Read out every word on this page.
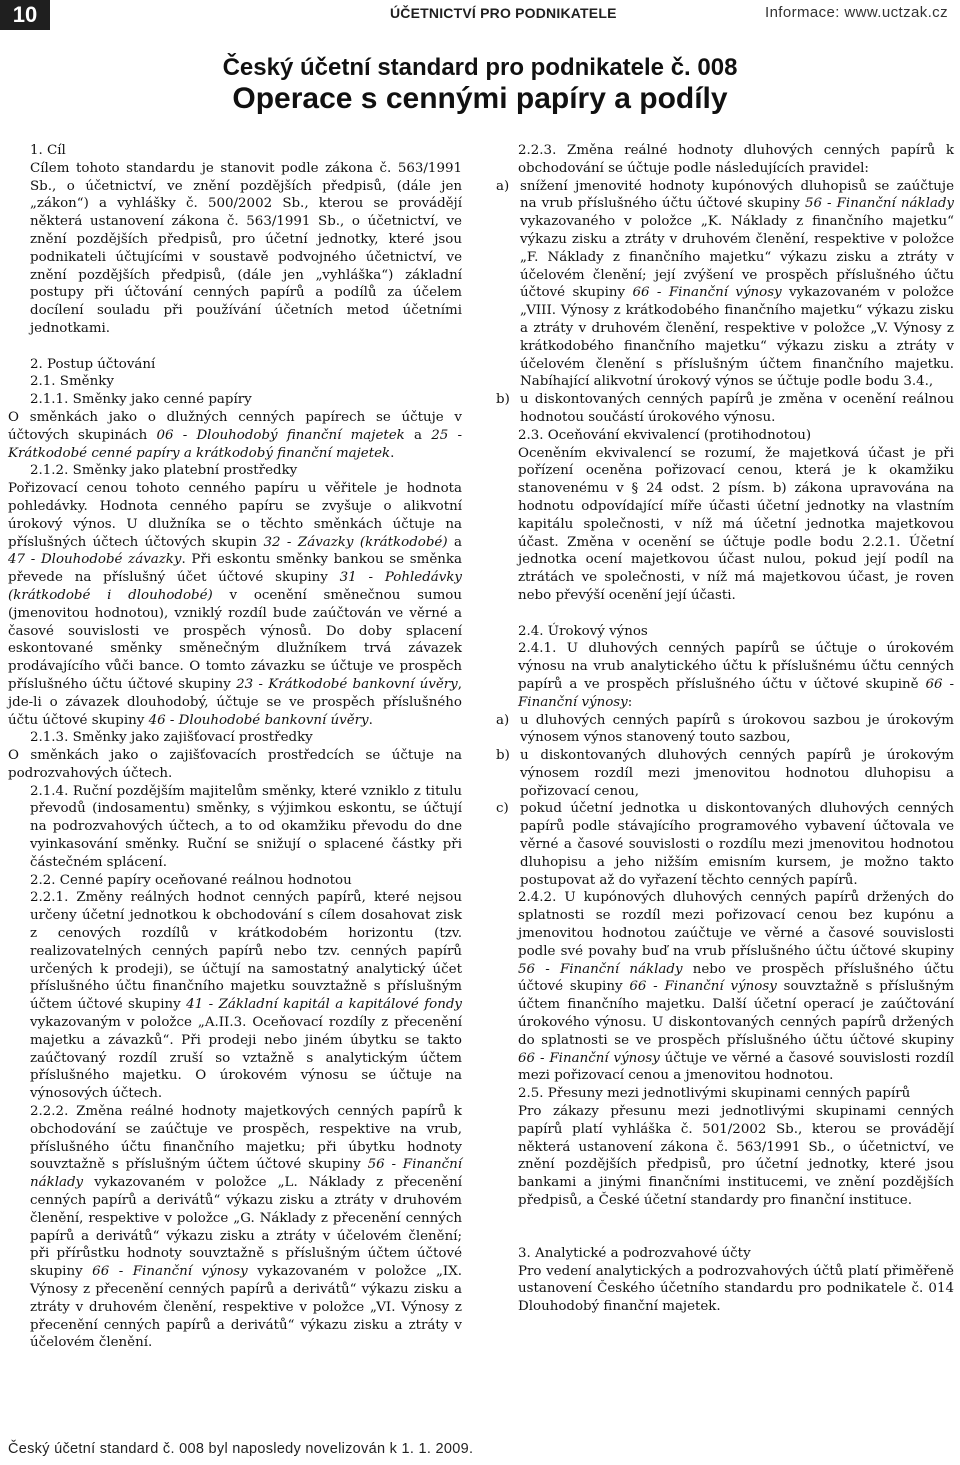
10	ÚČETNICTVÍ PRO PODNIKATELE	Informace: www.uctzak.cz
Český účetní standard pro podnikatele č. 008
Operace s cennými papíry a podíly

1. Cíl

Cílem tohoto standardu je stanovit podle zákona č. 563/1991 Sb., o účetnictví, ve znění pozdějších předpisů, (dále jen „zákon“) a vyhlášky č. 500/2002 Sb., kterou se provádějí některá ustanovení zákona č. 563/1991 Sb., o účetnictví, ve znění pozdějších předpisů, pro účetní jednotky, které jsou podnikateli účtujícími v soustavě podvojného účetnictví, ve znění pozdějších předpisů, (dále jen „vyhláška“) základní postupy při účtování cenných papírů a podílů za účelem docílení souladu při používání účetních metod účetními jednotkami.

2. Postup účtování

2.1. Směnky

2.1.1. Směnky jako cenné papíry

O směnkách jako o dlužných cenných papírech se účtuje v účtových skupinách 06 - Dlouhodobý finanční majetek a 25 - Krátkodobé cenné papíry a krátkodobý finanční majetek.

2.1.2. Směnky jako platební prostředky

Pořizovací cenou tohoto cenného papíru u věřitele je hodnota pohledávky. Hodnota cenného papíru se zvyšuje o alikvotní úrokový výnos. U dlužníka se o těchto směnkách účtuje na příslušných účtech účtových skupin 32 - Závazky (krátkodobé) a 47 - Dlouhodobé závazky. Při eskontu směnky bankou se směnka převede na příslušný účet účtové skupiny 31 - Pohledávky (krátkodobé i dlouhodobé) v ocenění směnečnou sumou (jmenovitou hodnotou), vzniklý rozdíl bude zaúčtován ve věrné a časové souvislosti ve prospěch výnosů. Do doby splacení eskontované směnky směnečným dlužníkem trvá závazek prodávajícího vůči bance. O tomto závazku se účtuje ve prospěch příslušného účtu účtové skupiny 23 - Krátkodobé bankovní úvěry, jde-li o závazek dlouhodobý, účtuje se ve prospěch příslušného účtu účtové skupiny 46 - Dlouhodobé bankovní úvěry.

2.1.3. Směnky jako zajišťovací prostředky

O směnkách jako o zajišťovacích prostředcích se účtuje na podrozvahových účtech.

2.1.4. Ruční pozdějším majitelům směnky, které vzniklo z titulu převodů (indosamentu) směnky, s výjimkou eskontu, se účtují na podrozvahových účtech, a to od okamžiku převodu do dne vyinkasování směnky. Ruční se snižují o splacené částky při částečném splácení.

2.2. Cenné papíry oceňované reálnou hodnotou

2.2.1. Změny reálných hodnot cenných papírů, které nejsou určeny účetní jednotkou k obchodování s cílem dosahovat zisk z cenových rozdílů v krátkodobém horizontu (tzv. realizovatelných cenných papírů nebo tzv. cenných papírů určených k prodeji), se účtují na samostatný analytický účet příslušného účtu finančního majetku souvztažně s příslušným účtem účtové skupiny 41 - Základní kapitál a kapitálové fondy vykazovaným v položce „A.II.3. Oceňovací rozdíly z přecenění majetku a závazků“. Při prodeji nebo jiném úbytku se takto zaúčtovaný rozdíl zruší so vztažně s analytickým účtem příslušného majetku. O úrokovém výnosu se účtuje na výnosových účtech.

2.2.2. Změna reálné hodnoty majetkových cenných papírů k obchodování se zaúčtuje ve prospěch, respektive na vrub, příslušného účtu finančního majetku; při úbytku hodnoty souvztažně s příslušným účtem účtové skupiny 56 - Finanční náklady vykazovaném v položce „L. Náklady z přecenění cenných papírů a derivátů“ výkazu zisku a ztráty v druhovém členění, respektive v položce „G. Náklady z přecenění cenných papírů a derivátů“ výkazu zisku a ztráty v účelovém členění; při přírůstku hodnoty souvztažně s příslušným účtem účtové skupiny 66 - Finanční výnosy vykazovaném v položce „IX. Výnosy z přecenění cenných papírů a derivátů“ výkazu zisku a ztráty v druhovém členění, respektive v položce „VI. Výnosy z přecenění cenných papírů a derivátů“ výkazu zisku a ztráty v účelovém členění.

2.2.3. Změna reálné hodnoty dluhových cenných papírů k obchodování se účtuje podle následujících pravidel:

a) snížení jmenovité hodnoty kupónových dluhopisů se zaúčtuje na vrub příslušného účtu účtové skupiny 56 - Finanční náklady vykazovaného v položce „K. Náklady z finančního majetku“ výkazu zisku a ztráty v druhovém členění, respektive v položce „F. Náklady z finančního majetku“ výkazu zisku a ztráty v účelovém členění; její zvýšení ve prospěch příslušného účtu účtové skupiny 66 - Finanční výnosy vykazovaném v položce „VIII. Výnosy z krátkodobého finančního majetku“ výkazu zisku a ztráty v druhovém členění, respektive v položce „V. Výnosy z krátkodobého finančního majetku“ výkazu zisku a ztráty v účelovém členění s příslušným účtem finančního majetku. Nabíhající alikvotní úrokový výnos se účtuje podle bodu 3.4.,
b) u diskontovaných cenných papírů je změna v ocenění reálnou hodnotou součástí úrokového výnosu.

2.3. Oceňování ekvivalencí (protihodnotou)

Oceněním ekvivalencí se rozumí, že majetková účast je při pořízení oceněna pořizovací cenou, která je k okamžiku stanovenému v § 24 odst. 2 písm. b) zákona upravována na hodnotu odpovídající míře účasti účetní jednotky na vlastním kapitálu společnosti, v níž má účetní jednotka majetkovou účast. Změna v ocenění se účtuje podle bodu 2.2.1. Účetní jednotka ocení majetkovou účast nulou, pokud její podíl na ztrátách ve společnosti, v níž má majetkovou účast, je roven nebo převýší ocenění její účasti.

2.4. Úrokový výnos

2.4.1. U dluhových cenných papírů se účtuje o úrokovém výnosu na vrub analytického účtu k příslušnému účtu cenných papírů a ve prospěch příslušného účtu v účtové skupině 66 - Finanční výnosy:

a) u dluhových cenných papírů s úrokovou sazbou je úrokovým výnosem výnos stanovený touto sazbou,
b) u diskontovaných dluhových cenných papírů je úrokovým výnosem rozdíl mezi jmenovitou hodnotou dluhopisu a pořizovací cenou,
c) pokud účetní jednotka u diskontovaných dluhových cenných papírů podle stávajícího programového vybavení účtovala ve věrné a časové souvislosti o rozdílu mezi jmenovitou hodnotou dluhopisu a jeho nižším emisním kursem, je možno takto postupovat až do vyřazení těchto cenných papírů.

2.4.2. U kupónových dluhových cenných papírů držených do splatnosti se rozdíl mezi pořizovací cenou bez kupónu a jmenovitou hodnotou zaúčtuje ve věrné a časové souvislosti podle své povahy buď na vrub příslušného účtu účtové skupiny 56 - Finanční náklady nebo ve prospěch příslušného účtu účtové skupiny 66 - Finanční výnosy souvztažně s příslušným účtem finančního majetku. Další účetní operací je zaúčtování úrokového výnosu. U diskontovaných cenných papírů držených do splatnosti se ve prospěch příslušného účtu účtové skupiny 66 - Finanční výnosy účtuje ve věrné a časové souvislosti rozdíl mezi pořizovací cenou a jmenovitou hodnotou.

2.5. Přesuny mezi jednotlivými skupinami cenných papírů

Pro zákazy přesunu mezi jednotlivými skupinami cenných papírů platí vyhláška č. 501/2002 Sb., kterou se provádějí některá ustanovení zákona č. 563/1991 Sb., o účetnictví, ve znění pozdějších předpisů, pro účetní jednotky, které jsou bankami a jinými finančními institucemi, ve znění pozdějších předpisů, a České účetní standardy pro finanční instituce.

3. Analytické a podrozvahové účty

Pro vedení analytických a podrozvahových účtů platí přiměřeně ustanovení Českého účetního standardu pro podnikatele č. 014 Dlouhodobý finanční majetek.

Český účetní standard č. 008 byl naposledy novelizován k 1. 1. 2009.
